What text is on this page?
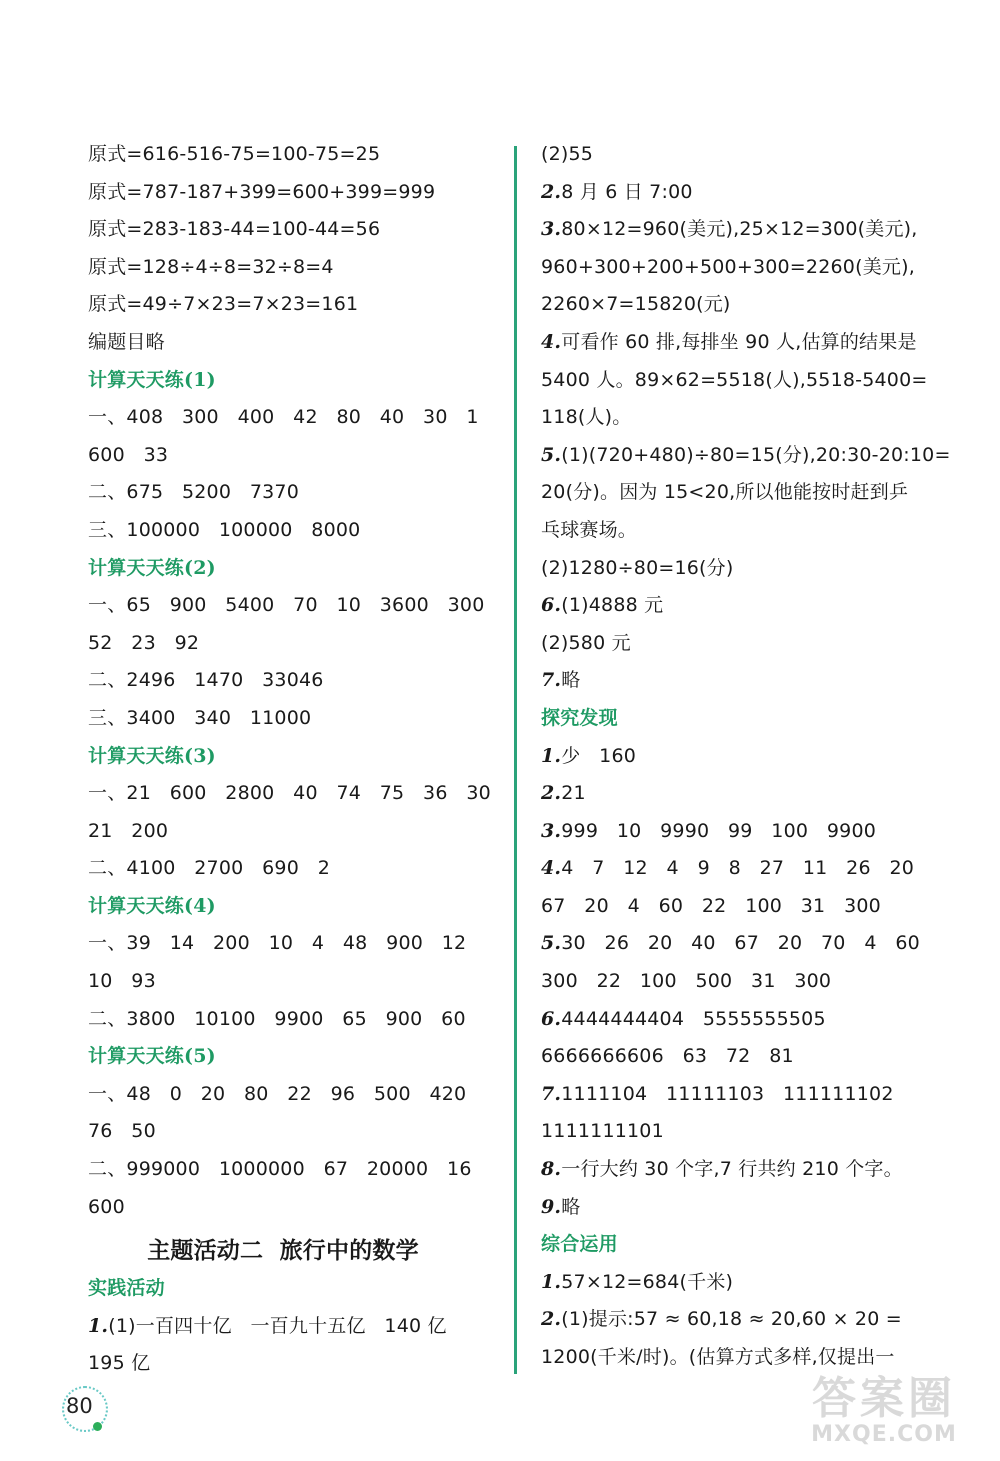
原式=616-516-75=100-75=25
原式=787-187+399=600+399=999
原式=283-183-44=100-44=56
原式=128÷4÷8=32÷8=4
原式=49÷7×23=7×23=161
编题目略
计算天天练(1)
一、408   300   400   42   80   40   30   1
600   33
二、675   5200   7370
三、100000   100000   8000
计算天天练(2)
一、65   900   5400   70   10   3600   300
52   23   92
二、2496   1470   33046
三、3400   340   11000
计算天天练(3)
一、21   600   2800   40   74   75   36   30
21   200
二、4100   2700   690   2
计算天天练(4)
一、39   14   200   10   4   48   900   12
10   93
二、3800   10100   9900   65   900   60
计算天天练(5)
一、48   0   20   80   22   96   500   420
76   50
二、999000   1000000   67   20000   16
600
主题活动二  旅行中的数学
实践活动
1.(1)一百四十亿   一百九十五亿   140 亿
195 亿
(2)55
2.8 月 6 日 7:00
3.80×12=960(美元),25×12=300(美元),
960+300+200+500+300=2260(美元),
2260×7=15820(元)
4.可看作 60 排,每排坐 90 人,估算的结果是
5400 人。89×62=5518(人),5518-5400=
118(人)。
5.(1)(720+480)÷80=15(分),20:30-20:10=
20(分)。因为 15<20,所以他能按时赶到乒
乓球赛场。
(2)1280÷80=16(分)
6.(1)4888 元
(2)580 元
7.略
探究发现
1.少   160
2.21
3.999   10   9990   99   100   9900
4.4   7   12   4   9   8   27   11   26   20
67   20   4   60   22   100   31   300
5.30   26   20   40   67   20   70   4   60
300   22   100   500   31   300
6.4444444404   5555555505
6666666606   63   72   81
7.1111104   11111103   111111102
1111111101
8.一行大约 30 个字,7 行共约 210 个字。
9.略
综合运用
1.57×12=684(千米)
2.(1)提示:57 ≈ 60,18 ≈ 20,60 × 20 =
1200(千米/时)。(估算方式多样,仅提出一
80	答案圈
MXQE.COM
